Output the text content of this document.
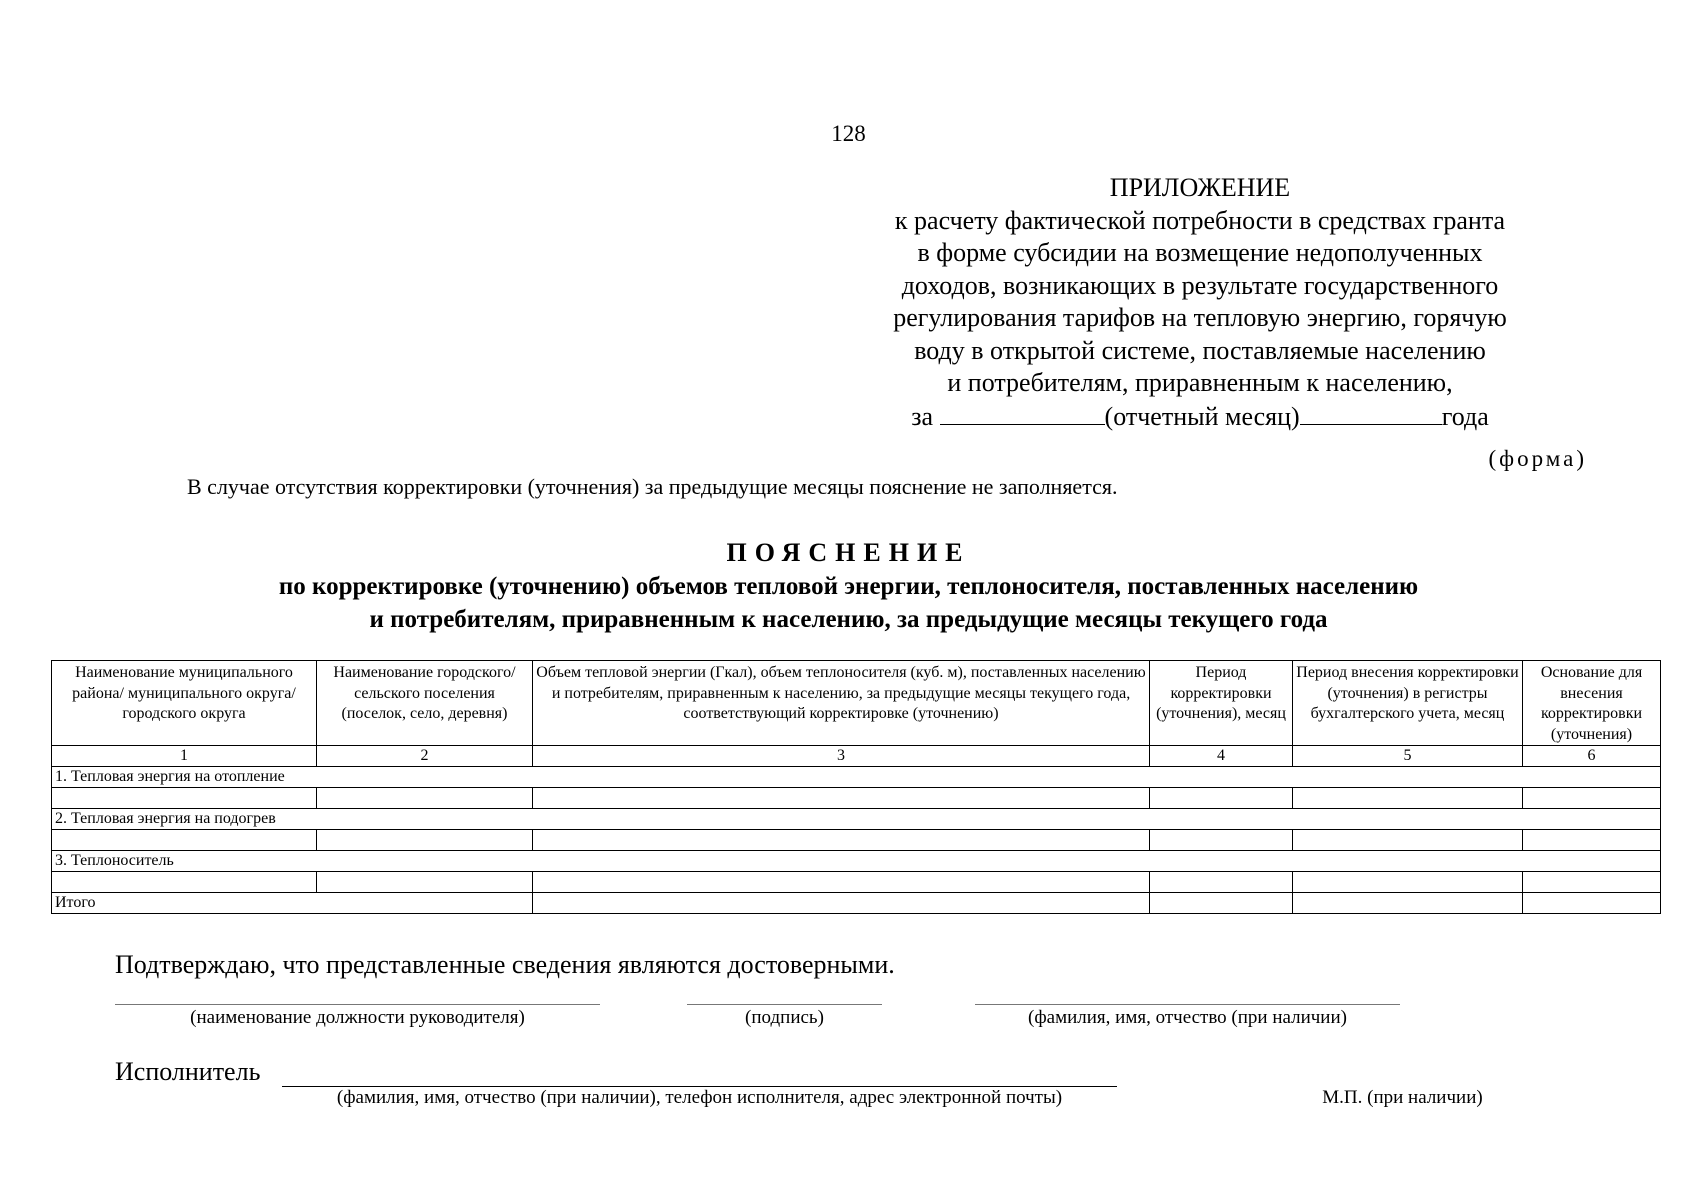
128
ПРИЛОЖЕНИЕ
к расчету фактической потребности в средствах гранта
в форме субсидии на возмещение недополученных
доходов, возникающих в результате государственного
регулирования тарифов на тепловую энергию, горячую
воду в открытой системе, поставляемые населению
и потребителям, приравненным к населению,
за	(отчетный месяц)	года
(форма)
В случае отсутствия корректировки (уточнения) за предыдущие месяцы пояснение не заполняется.
ПОЯСНЕНИЕ
по корректировке (уточнению) объемов тепловой энергии, теплоносителя, поставленных населению
и потребителям, приравненным к населению, за предыдущие месяцы текущего года
Наименование муниципального района/ муниципального округа/ городского округа	Наименование городского/ сельского поселения (поселок, село, деревня)	Объем тепловой энергии (Гкал), объем теплоносителя (куб. м), поставленных населению и потребителям, приравненным к населению, за предыдущие месяцы текущего года, соответствующий корректировке (уточнению)	Период корректировки (уточнения), месяц	Период внесения корректировки (уточнения) в регистры бухгалтерского учета, месяц	Основание для внесения корректировки (уточнения)
1	2	3	4	5	6
1. Тепловая энергия на отопление					

2. Тепловая энергия на подогрев					

3. Теплоноситель					

Итого					
Подтверждаю, что представленные сведения являются достоверными.
(наименование должности руководителя)	(подпись)	(фамилия, имя, отчество (при наличии)
Исполнитель
(фамилия, имя, отчество (при наличии), телефон исполнителя, адрес электронной почты)	М.П. (при наличии)
